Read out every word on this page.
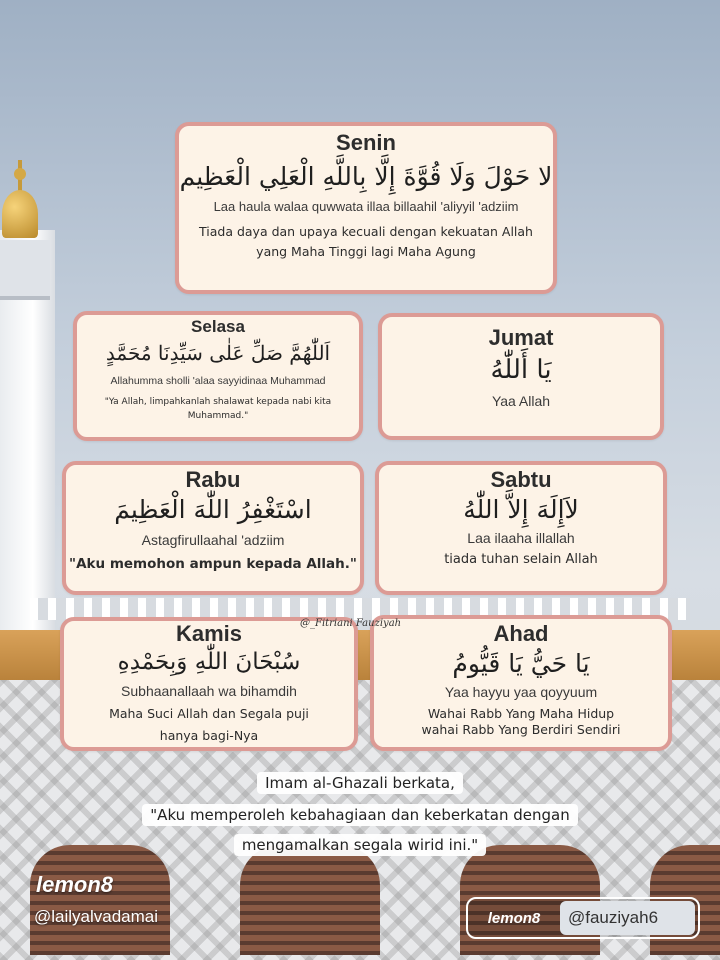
Senin
لا حَوْلَ وَلَا قُوَّةَ إِلَّا بِاللَّهِ الْعَلِي الْعَظِيم
Laa haula walaa quwwata illaa billaahil 'aliyyil 'adziim
Tiada daya dan upaya kecuali dengan kekuatan Allah
yang Maha Tinggi lagi Maha Agung
Selasa
اَللّٰهُمَّ صَلِّ عَلٰى سَيِّدِنَا مُحَمَّدٍ
Allahumma sholli 'alaa sayyidinaa Muhammad
"Ya Allah, limpahkanlah shalawat kepada nabi kita Muhammad."
Jumat
يَا أَللّٰهُ
Yaa Allah
Rabu
اسْتَغْفِرُ اللّٰهَ الْعَظِيمَ
Astagfirullaahal 'adziim
"Aku memohon ampun kepada Allah."
Sabtu
لاَإِلَهَ إِلاَّ اللّٰهُ
Laa ilaaha illallah
tiada tuhan selain Allah
Kamis
سُبْحَانَ اللّٰهِ وَبِحَمْدِهِ
Subhaanallaah wa bihamdih
Maha Suci Allah dan Segala puji
hanya bagi-Nya
Ahad
يَا حَيُّ يَا قَيُّومُ
Yaa hayyu yaa qoyyuum
Wahai Rabb Yang Maha Hidup
wahai Rabb Yang Berdiri Sendiri
@_Fitriani Fauziyah
Imam al-Ghazali berkata,
"Aku memperoleh kebahagiaan dan keberkatan dengan
mengamalkan segala wirid ini."
lemon8
@lailyalvadamai	lemon8	@fauziyah6
